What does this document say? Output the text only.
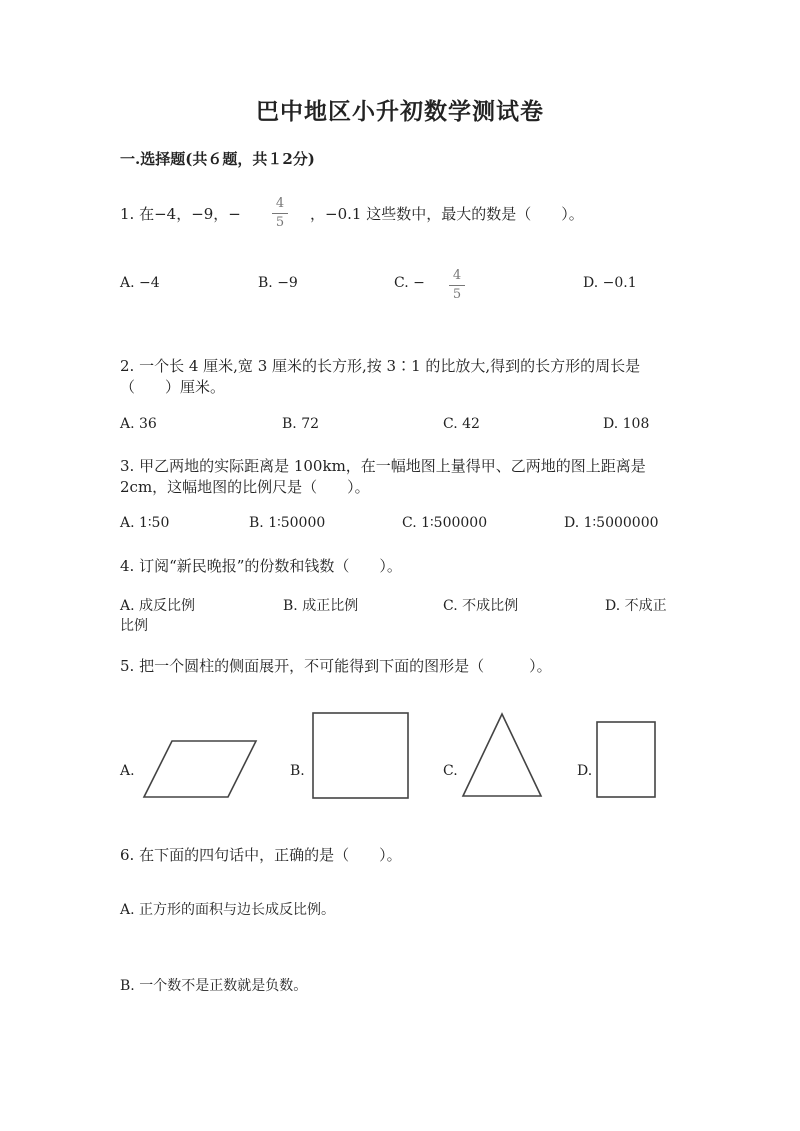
巴中地区小升初数学测试卷
一.选择题(共６题，共１2分)
1. 在−4，−9，−
4
5	，−0.1 这些数中，最大的数是（　　）。
A. −4	B. −9	C. −	4
5
D. −0.1
2. 一个长 4 厘米,宽 3 厘米的长方形,按 3∶1 的比放大,得到的长方形的周长是
（　　）厘米。
A. 36	B. 72	C. 42	D. 108
3. 甲乙两地的实际距离是 100km，在一幅地图上量得甲、乙两地的图上距离是
2cm，这幅地图的比例尺是（　　）。
A. 1∶50	B. 1∶50000	C. 1∶500000	D. 1∶5000000
4. 订阅“新民晚报”的份数和钱数（　　）。
A. 成反比例	B. 成正比例	C. 不成比例	D. 不成正
比例
5. 把一个圆柱的侧面展开，不可能得到下面的图形是（　　　）。
A.	B.	C.	D.
6. 在下面的四句话中，正确的是（　　）。
A. 正方形的面积与边长成反比例。
B. 一个数不是正数就是负数。
